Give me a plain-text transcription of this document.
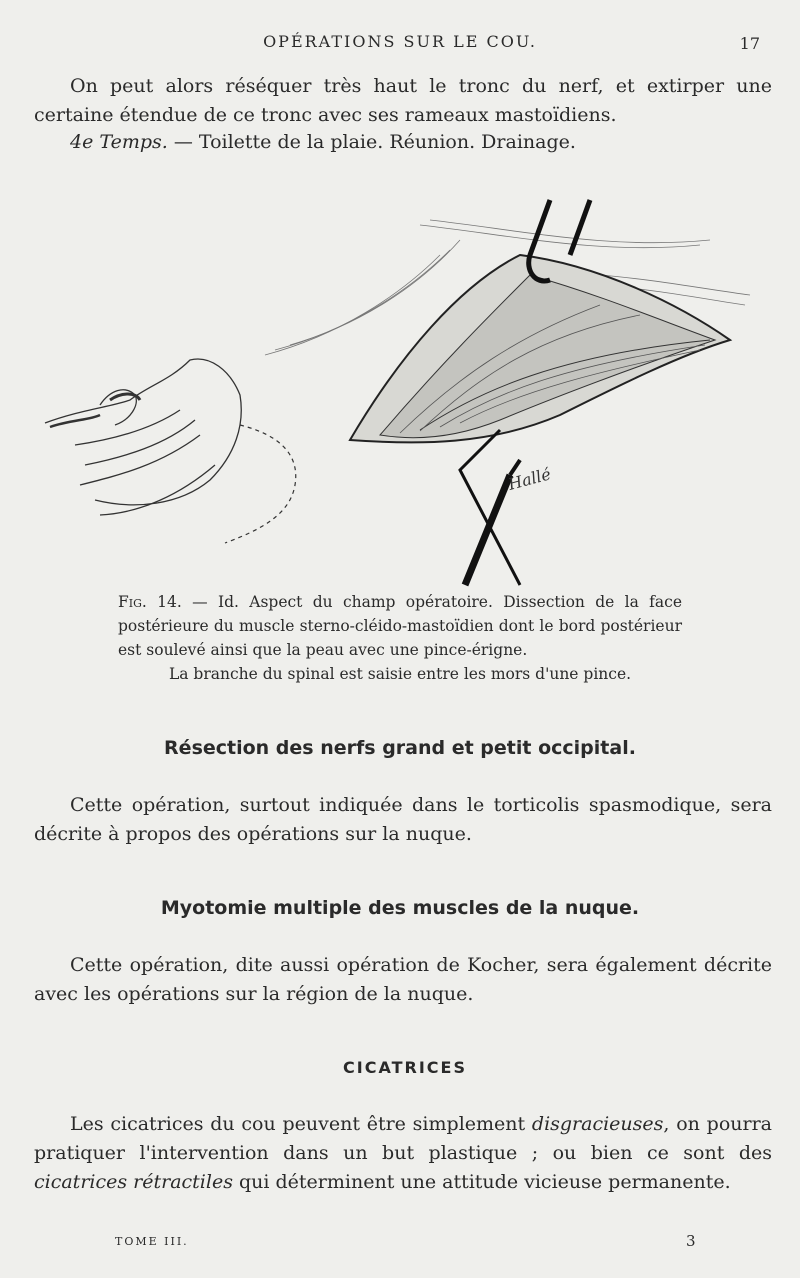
OPÉRATIONS SUR LE COU.	17
On peut alors réséquer très haut le tronc du nerf, et extirper une certaine étendue de ce tronc avec ses rameaux mastoïdiens.
4e Temps. — Toilette de la plaie. Réunion. Drainage.
Hallé
Fig. 14. — Id. Aspect du champ opératoire. Dissection de la face postérieure du muscle sterno-cléido-mastoïdien dont le bord postérieur est soulevé ainsi que la peau avec une pince-érigne.
La branche du spinal est saisie entre les mors d'une pince.
Résection des nerfs grand et petit occipital.
Cette opération, surtout indiquée dans le torticolis spasmodique, sera décrite à propos des opérations sur la nuque.
Myotomie multiple des muscles de la nuque.
Cette opération, dite aussi opération de Kocher, sera également décrite avec les opérations sur la région de la nuque.
CICATRICES
Les cicatrices du cou peuvent être simplement disgracieuses, on pourra pratiquer l'intervention dans un but plastique ; ou bien ce sont des cicatrices rétractiles qui déterminent une attitude vicieuse permanente.
TOME III.	3
